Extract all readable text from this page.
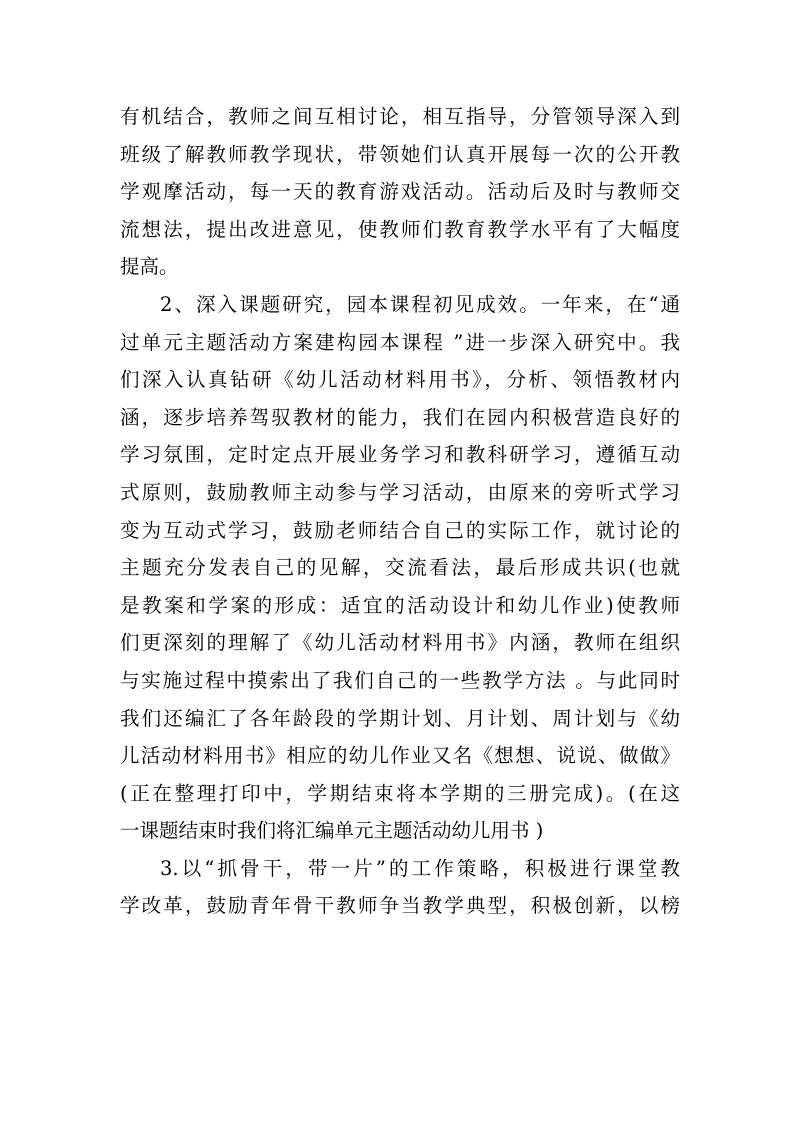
有机结合，教师之间互相讨论，相互指导，分管领导深入到
班级了解教师教学现状，带领她们认真开展每一次的公开教
学观摩活动，每一天的教育游戏活动。活动后及时与教师交
流想法，提出改进意见，使教师们教育教学水平有了大幅度
提高。
2、深入课题研究，园本课程初见成效。一年来，在“通
过单元主题活动方案建构园本课程 ”进一步深入研究中。我
们深入认真钻研《幼儿活动材料用书》，分析、领悟教材内
涵，逐步培养驾驭教材的能力，我们在园内积极营造良好的
学习氛围，定时定点开展业务学习和教科研学习，遵循互动
式原则，鼓励教师主动参与学习活动，由原来的旁听式学习
变为互动式学习，鼓励老师结合自己的实际工作，就讨论的
主题充分发表自己的见解，交流看法，最后形成共识(也就
是教案和学案的形成：适宜的活动设计和幼儿作业)使教师
们更深刻的理解了《幼儿活动材料用书》内涵，教师在组织
与实施过程中摸索出了我们自己的一些教学方法 。与此同时
我们还编汇了各年龄段的学期计划、月计划、周计划与《幼
儿活动材料用书》相应的幼儿作业又名《想想、说说、做做》
(正在整理打印中，学期结束将本学期的三册完成)。(在这
一课题结束时我们将汇编单元主题活动幼儿用书 )
3.以“抓骨干，带一片”的工作策略，积极进行课堂教
学改革，鼓励青年骨干教师争当教学典型，积极创新，以榜
